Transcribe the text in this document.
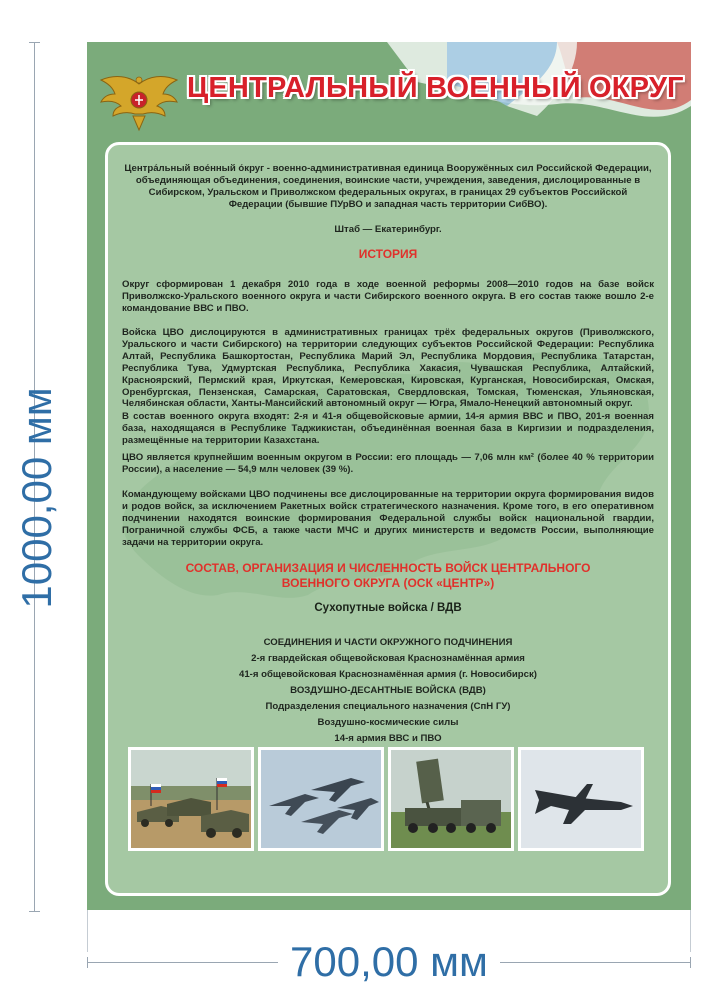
1000,00 мм
700,00 мм
ЦЕНТРАЛЬНЫЙ ВОЕННЫЙ ОКРУГ
Центра́льный вое́нный о́круг - военно-административная единица Вооружённых сил Российской Федерации, объединяющая объединения, соединения, воинские части, учреждения, заведения, дислоцированные в Сибирском, Уральском и Приволжском федеральных округах, в границах 29 субъектов Российской Федерации (бывшие ПУрВО и западная часть территории СибВО).
Штаб — Екатеринбург.
ИСТОРИЯ
Округ сформирован 1 декабря 2010 года в ходе военной реформы 2008—2010 годов на базе войск Приволжско-Уральского военного округа и части Сибирского военного округа. В его состав также вошло 2-е командование ВВС и ПВО.
Войска ЦВО дислоцируются в административных границах трёх федеральных округов (Приволжского, Уральского и части Сибирского) на территории следующих субъектов Российской Федерации: Республика Алтай, Республика Башкортостан, Республика Марий Эл, Республика Мордовия, Республика Татарстан, Республика Тува, Удмуртская Республика, Республика Хакасия, Чувашская Республика, Алтайский, Красноярский, Пермский края, Иркутская, Кемеровская, Кировская, Курганская, Новосибирская, Омская, Оренбургская, Пензенская, Самарская, Саратовская, Свердловская, Томская, Тюменская, Ульяновская, Челябинская области, Ханты-Мансийский автономный округ — Югра, Ямало-Ненецкий автономный округ.
В состав военного округа входят: 2-я и 41-я общевойсковые армии, 14-я армия ВВС и ПВО, 201-я военная база, находящаяся в Республике Таджикистан, объединённая военная база в Киргизии и подразделения, размещённые на территории Казахстана.
ЦВО является крупнейшим военным округом в России: его площадь — 7,06 млн км² (более 40 % территории России), а население — 54,9 млн человек (39 %).
Командующему войсками ЦВО подчинены все дислоцированные на территории округа формирования видов и родов войск, за исключением Ракетных войск стратегического назначения. Кроме того, в его оперативном подчинении находятся воинские формирования Федеральной службы войск национальной гвардии, Пограничной службы ФСБ, а также части МЧС и других министерств и ведомств России, выполняющие задачи на территории округа.
СОСТАВ, ОРГАНИЗАЦИЯ И ЧИСЛЕННОСТЬ ВОЙСК ЦЕНТРАЛЬНОГО
ВОЕННОГО ОКРУГА (ОСК «ЦЕНТР»)
Сухопутные войска / ВДВ
СОЕДИНЕНИЯ И ЧАСТИ ОКРУЖНОГО ПОДЧИНЕНИЯ
2-я гвардейская общевойсковая Краснознамённая армия
41-я общевойсковая Краснознамённая армия (г. Новосибирск)
ВОЗДУШНО-ДЕСАНТНЫЕ ВОЙСКА (ВДВ)
Подразделения специального назначения (СпН ГУ)
Воздушно-космические силы
14-я армия ВВС и ПВО
